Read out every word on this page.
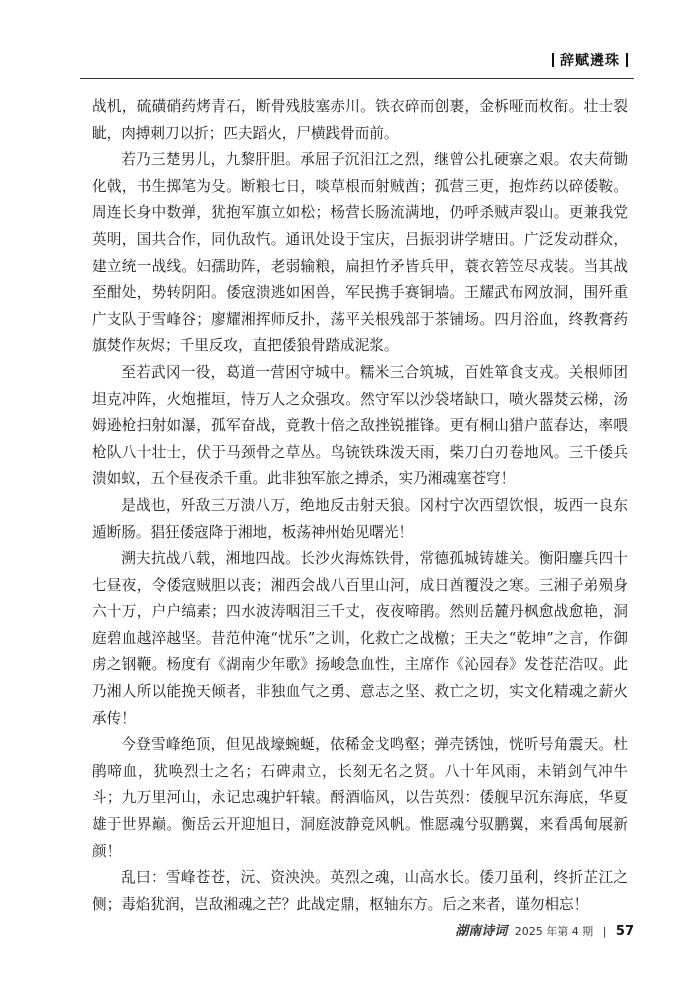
辞赋遴珠

战机，硫磺硝药烤青石，断骨残肢塞赤川。铁衣碎而创裹，金柝哑而枚衔。壮士裂眦，肉搏刺刀以折；匹夫蹈火，尸横践骨而前。

若乃三楚男儿，九黎肝胆。承屈子沉汨江之烈，继曾公扎硬寨之艰。农夫荷锄化戟，书生掷笔为殳。断粮七日，啖草根而射贼酋；孤营三更，抱炸药以碎倭鞍。周连长身中数弹，犹抱军旗立如松；杨营长肠流满地，仍呼杀贼声裂山。更兼我党英明，国共合作，同仇敌忾。通讯处设于宝庆，吕振羽讲学塘田。广泛发动群众，建立统一战线。妇孺助阵，老弱输粮，扁担竹矛皆兵甲，蓑衣箬笠尽戎装。当其战至酣处，势转阴阳。倭寇溃逃如困兽，军民携手赛铜墙。王耀武布网放洞，围歼重广支队于雪峰谷；廖耀湘挥师反扑，荡平关根残部于茶铺场。四月浴血，终教膏药旗焚作灰烬；千里反攻，直把倭狼骨踏成泥浆。

至若武冈一役，葛道一营困守城中。糯米三合筑城，百姓箪食支戎。关根师团坦克冲阵，火炮摧垣，恃万人之众强攻。然守军以沙袋堵缺口，喷火器焚云梯，汤姆逊枪扫射如瀑，孤军奋战，竟教十倍之敌挫锐摧锋。更有桐山猎户蓝春达，率喂枪队八十壮士，伏于马颈骨之草丛。鸟铳铁珠泼天雨，柴刀白刃卷地风。三千倭兵溃如蚁，五个昼夜杀千重。此非独军旅之搏杀，实乃湘魂塞苍穹！

是战也，歼敌三万溃八万，绝地反击射天狼。冈村宁次西望饮恨，坂西一良东遁断肠。猖狂倭寇降于湘地，板荡神州始见曙光！

溯夫抗战八载，湘地四战。长沙火海炼铁骨，常德孤城铸雄关。衡阳鏖兵四十七昼夜，令倭寇贼胆以丧；湘西会战八百里山河，成日酋覆没之寒。三湘子弟殒身六十万，户户缟素；四水波涛咽泪三千丈，夜夜啼鹃。然则岳麓丹枫愈战愈艳，洞庭碧血越淬越坚。昔范仲淹“忧乐”之训，化救亡之战檄；王夫之“乾坤”之言，作御虏之钢鞭。杨度有《湖南少年歌》扬峻急血性，主席作《沁园春》发苍茫浩叹。此乃湘人所以能挽天倾者，非独血气之勇、意志之坚、救亡之切，实文化精魂之薪火承传！

今登雪峰绝顶，但见战壕蜿蜒，依稀金戈鸣壑；弹壳锈蚀，恍听号角震天。杜鹃啼血，犹唤烈士之名；石碑肃立，长刻无名之贤。八十年风雨，未销剑气冲牛斗；九万里河山，永记忠魂护轩辕。酹酒临风，以告英烈：倭舰早沉东海底，华夏雄于世界巅。衡岳云开迎旭日，洞庭波静竞风帆。惟愿魂兮驭鹏翼，来看禹甸展新颜！

乱曰：雪峰苍苍，沅、资泱泱。英烈之魂，山高水长。倭刀虽利，终折芷江之侧；毒焰犹润，岂敌湘魂之芒？此战定鼎，枢轴东方。后之来者，谨勿相忘！

湖南诗词 2025 年第 4 期 | 57
